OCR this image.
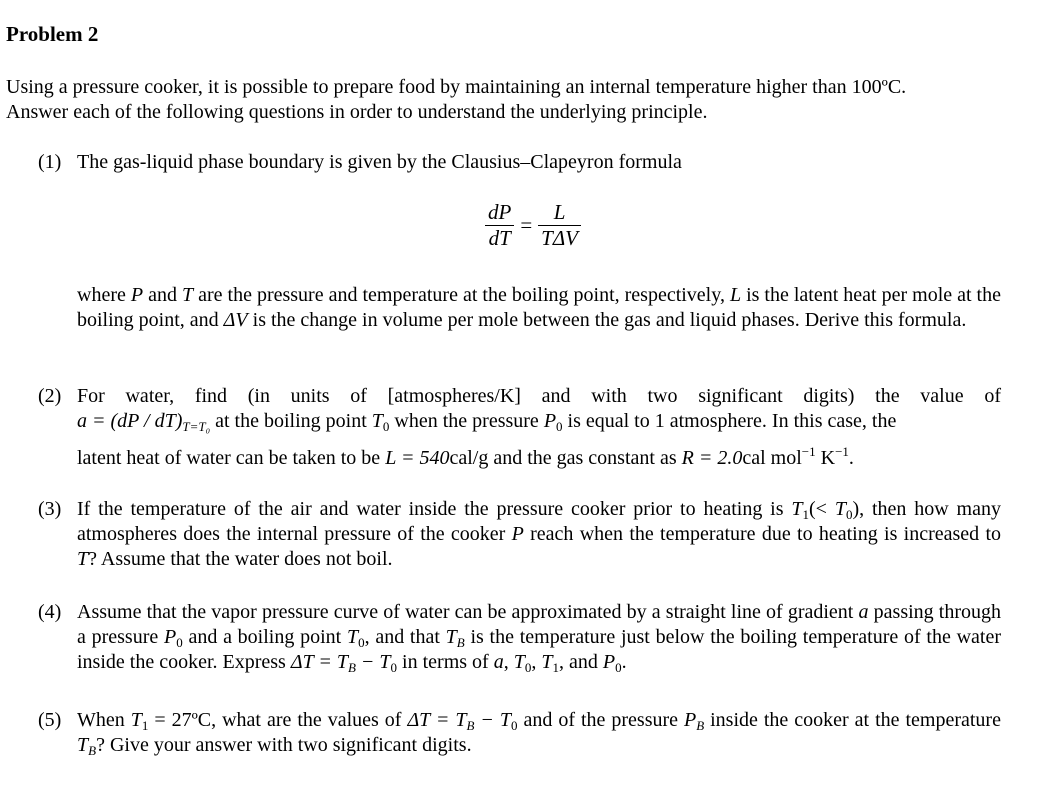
Problem 2
Using a pressure cooker, it is possible to prepare food by maintaining an internal temperature higher than 100ºC.
Answer each of the following questions in order to understand the underlying principle.
(1) The gas-liquid phase boundary is given by the Clausius–Clapeyron formula
$\frac{dP}{dT} = \frac{L}{\text{TΔV}}$
where P and T are the pressure and temperature at the boiling point, respectively, L is the latent heat per mole at the boiling point, and ΔV is the change in volume per mole between the gas and liquid phases. Derive this formula.
(2) For water, find (in units of [atmospheres/K] and with two significant digits) the value of
$a = (dP / dT)_{T=T_0}$ at the boiling point $T_0$ when the pressure $P_0$ is equal to 1 atmosphere. In this case, the
latent heat of water can be taken to be L = 540cal/g and the gas constant as R = 2.0cal mol$^{-1}$ $K^{-1}$.
(3) If the temperature of the air and water inside the pressure cooker prior to heating is $T_1(< T_0)$, then how many atmospheres does the internal pressure of the cooker P reach when the temperature due to heating is increased to T? Assume that the water does not boil.
(4) Assume that the vapor pressure curve of water can be approximated by a straight line of gradient a passing through a pressure $P_0$ and a boiling point $T_0$, and that $T_B$ is the temperature just below the boiling temperature of the water inside the cooker. Express $\Delta T = T_B - T_0$ in terms of a, $T_0$, $T_1$, and $P_0$.
(5) When $T_1$ = 27ºC, what are the values of $\Delta T = T_B - T_0$ and of the pressure $P_B$ inside the cooker at the temperature $T_B$? Give your answer with two significant digits.
